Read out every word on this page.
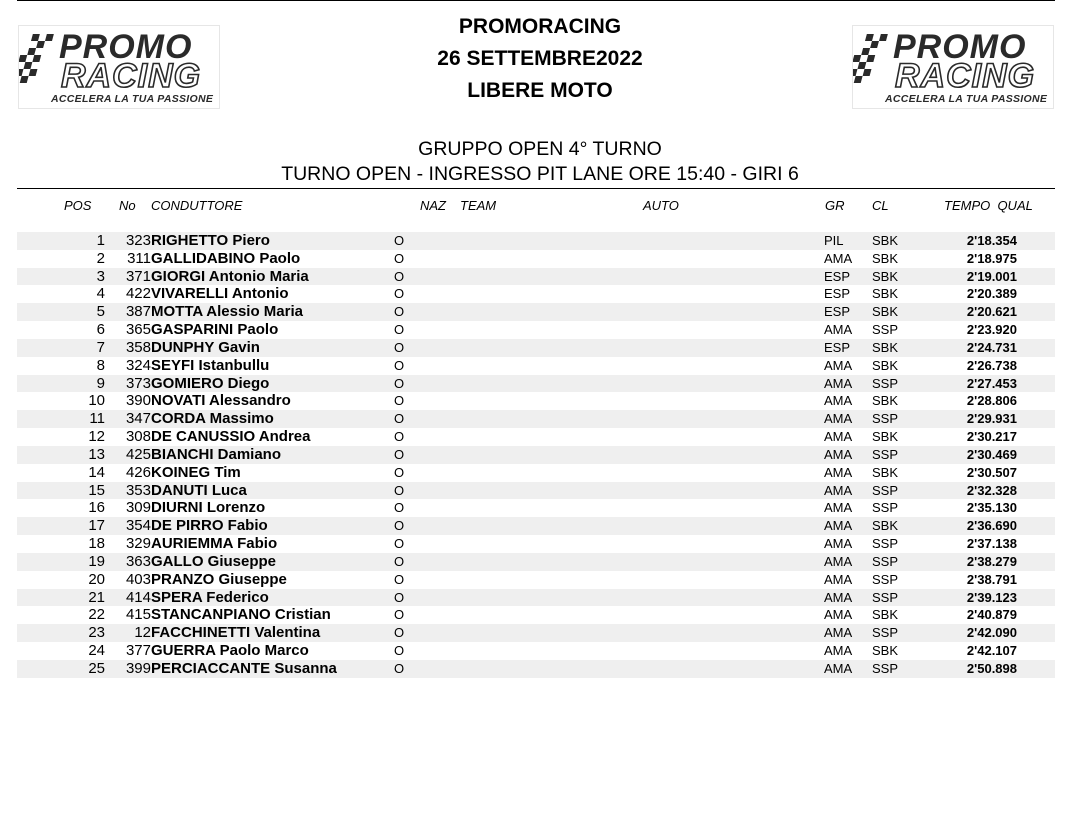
PROMO
RACING
ACCELERA LA TUA PASSIONE
PROMO
RACING
ACCELERA LA TUA PASSIONE
PROMORACING
26 SETTEMBRE2022
LIBERE MOTO
GRUPPO OPEN 4° TURNO
TURNO OPEN - INGRESSO PIT LANE ORE 15:40 - GIRI 6
POS No CONDUTTORE	NAZ TEAM	AUTO	GR CL	TEMPO  QUAL
1 323 RIGHETTO Piero	O	PIL SBK	2'18.354
2 311 GALLIDABINO Paolo	O	AMA SBK	2'18.975
3 371 GIORGI Antonio Maria	O	ESP SBK	2'19.001
4 422 VIVARELLI Antonio	O	ESP SBK	2'20.389
5 387 MOTTA Alessio Maria	O	ESP SBK	2'20.621
6 365 GASPARINI Paolo	O	AMA SSP	2'23.920
7 358 DUNPHY Gavin	O	ESP SBK	2'24.731
8 324 SEYFI Istanbullu	O	AMA SBK	2'26.738
9 373 GOMIERO Diego	O	AMA SSP	2'27.453
10 390 NOVATI Alessandro	O	AMA SBK	2'28.806
11 347 CORDA Massimo	O	AMA SSP	2'29.931
12 308 DE CANUSSIO Andrea	O	AMA SBK	2'30.217
13 425 BIANCHI Damiano	O	AMA SSP	2'30.469
14 426 KOINEG Tim	O	AMA SBK	2'30.507
15 353 DANUTI Luca	O	AMA SSP	2'32.328
16 309 DIURNI Lorenzo	O	AMA SSP	2'35.130
17 354 DE PIRRO Fabio	O	AMA SBK	2'36.690
18 329 AURIEMMA Fabio	O	AMA SSP	2'37.138
19 363 GALLO Giuseppe	O	AMA SSP	2'38.279
20 403 PRANZO Giuseppe	O	AMA SSP	2'38.791
21 414 SPERA Federico	O	AMA SSP	2'39.123
22 415 STANCANPIANO Cristian	O	AMA SBK	2'40.879
23 12 FACCHINETTI Valentina	O	AMA SSP	2'42.090
24 377 GUERRA Paolo Marco	O	AMA SBK	2'42.107
25 399 PERCIACCANTE Susanna	O	AMA SSP	2'50.898
